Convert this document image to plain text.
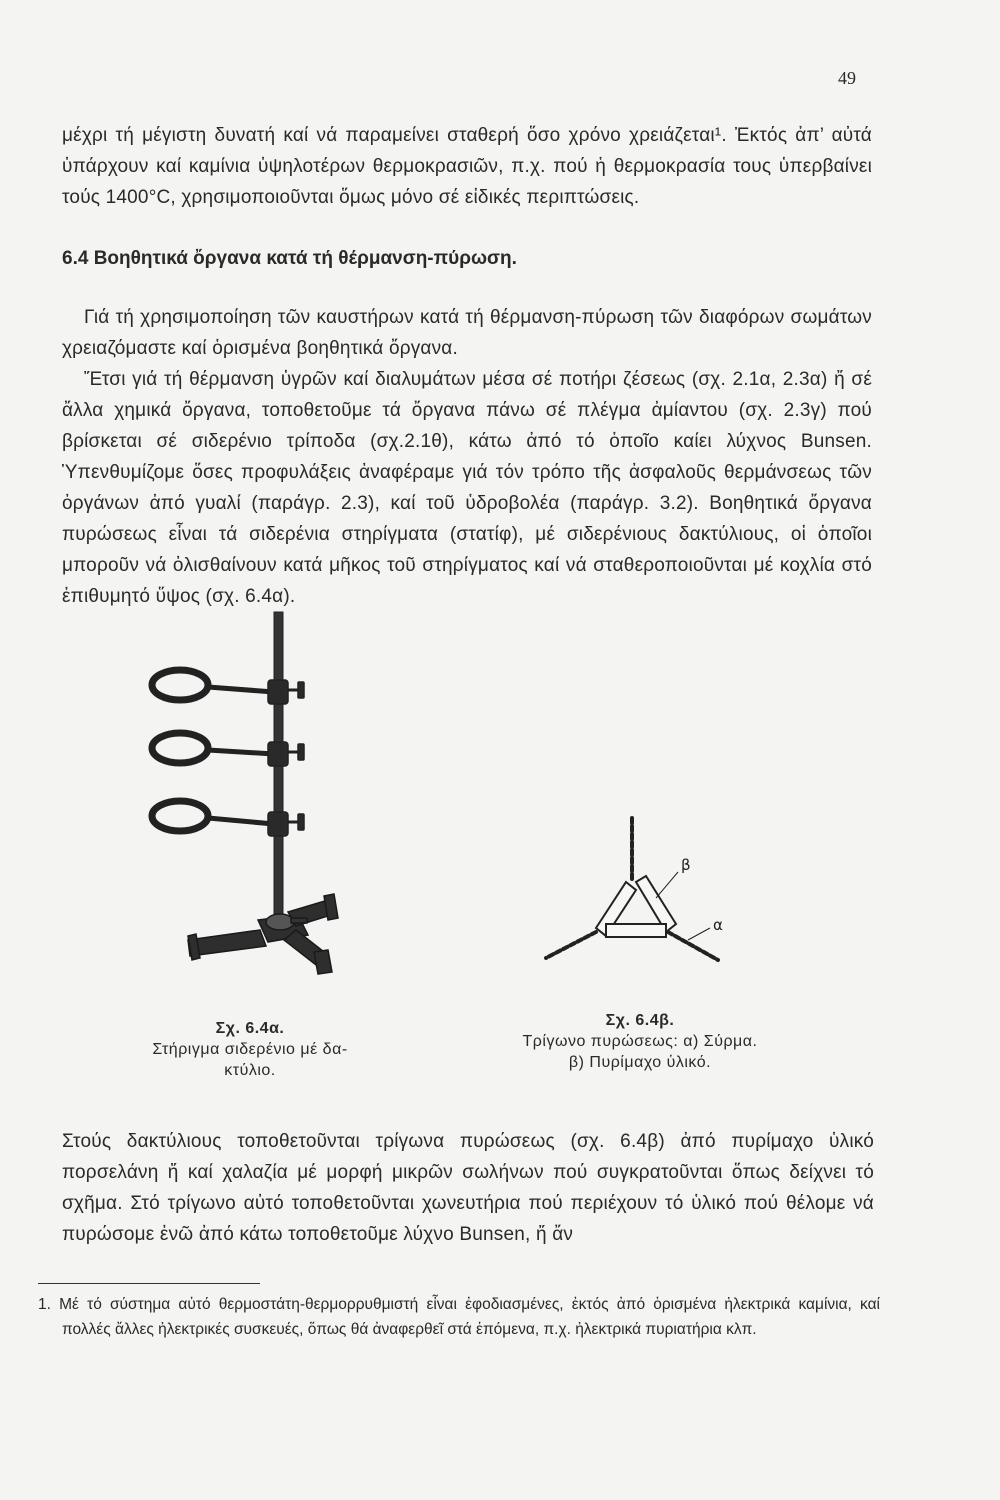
49

μέχρι τή μέγιστη δυνατή καί νά παραμείνει σταθερή ὅσο χρόνο χρειάζεται¹. Ἐκτός ἀπ’ αὐτά ὑπάρχουν καί καμίνια ὑψηλοτέρων θερμοκρασιῶν, π.χ. πού ἡ θερμοκρασία τους ὑπερβαίνει τούς 1400°C, χρησιμοποιοῦνται ὅμως μόνο σέ εἰδικές περιπτώσεις.

6.4 Βοηθητικά ὄργανα κατά τή θέρμανση-πύρωση.

Γιά τή χρησιμοποίηση τῶν καυστήρων κατά τή θέρμανση-πύρωση τῶν διαφόρων σωμάτων χρειαζόμαστε καί ὁρισμένα βοηθητικά ὄργανα.

Ἔτσι γιά τή θέρμανση ὑγρῶν καί διαλυμάτων μέσα σέ ποτήρι ζέσεως (σχ. 2.1α, 2.3α) ἤ σέ ἄλλα χημικά ὄργανα, τοποθετοῦμε τά ὄργανα πάνω σέ πλέγμα ἀμίαντου (σχ. 2.3γ) πού βρίσκεται σέ σιδερένιο τρίποδα (σχ.2.1θ), κάτω ἀπό τό ὁποῖο καίει λύχνος Bunsen. Ὑπενθυμίζομε ὅσες προφυλάξεις ἀναφέραμε γιά τόν τρόπο τῆς ἀσφαλοῦς θερμάνσεως τῶν ὀργάνων ἀπό γυαλί (παράγρ. 2.3), καί τοῦ ὑδροβολέα (παράγρ. 3.2). Βοηθητικά ὄργανα πυρώσεως εἶναι τά σιδερένια στηρίγματα (στατίφ), μέ σιδερένιους δακτύλιους, οἱ ὁποῖοι μποροῦν νά ὀλισθαίνουν κατά μῆκος τοῦ στηρίγματος καί νά σταθεροποιοῦνται μέ κοχλία στό ἐπιθυμητό ὕψος (σχ. 6.4α).

Σχ. 6.4α.
Στήριγμα σιδερένιο μέ δα-
κτύλιο.
β
α
Σχ. 6.4β.
Τρίγωνο πυρώσεως: α) Σύρμα.
β) Πυρίμαχο ὑλικό.

Στούς δακτύλιους τοποθετοῦνται τρίγωνα πυρώσεως (σχ. 6.4β) ἀπό πυρίμαχο ὑλικό πορσελάνη ἤ καί χαλαζία μέ μορφή μικρῶν σωλήνων πού συγκρατοῦνται ὅπως δείχνει τό σχῆμα. Στό τρίγωνο αὐτό τοποθετοῦνται χωνευτήρια πού περιέχουν τό ὑλικό πού θέλομε νά πυρώσομε ἐνῶ ἀπό κάτω τοποθετοῦμε λύχνο Bunsen, ἤ ἄν

1. Μέ τό σύστημα αὐτό θερμοστάτη-θερμορρυθμιστή εἶναι ἐφοδιασμένες, ἐκτός ἀπό ὁρισμένα ἠλεκτρικά καμίνια, καί πολλές ἄλλες ἠλεκτρικές συσκευές, ὅπως θά ἀναφερθεῖ στά ἑπόμενα, π.χ. ἠλεκτρικά πυριατήρια κλπ.
